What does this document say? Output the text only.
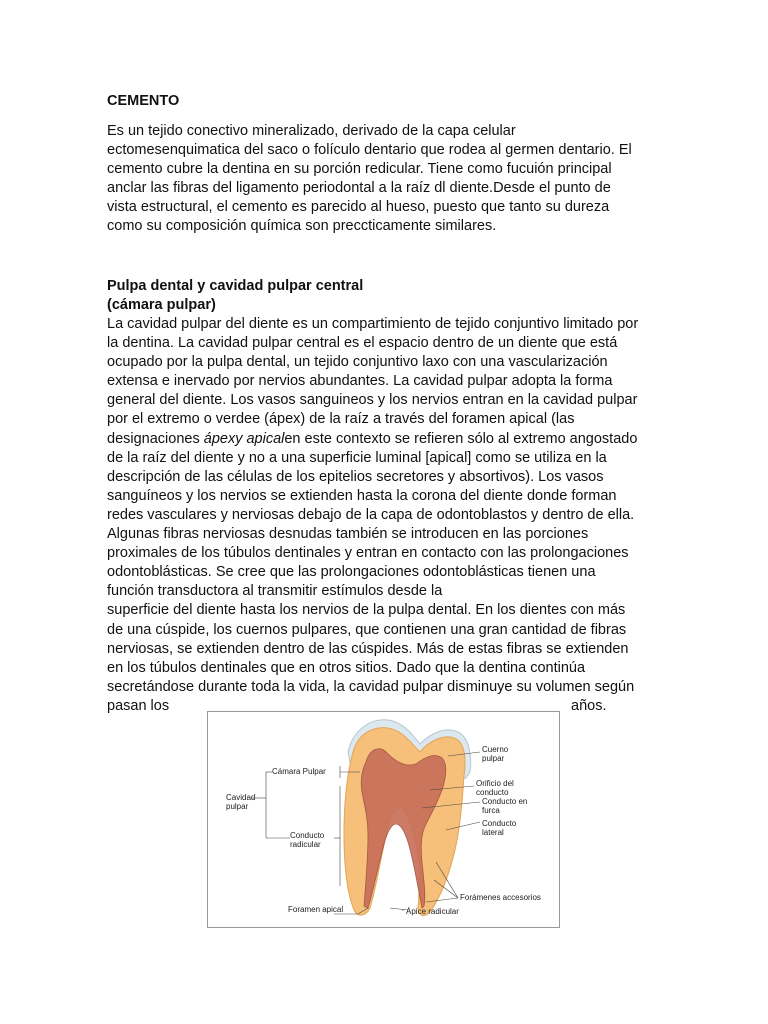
CEMENTO
Es un tejido conectivo mineralizado, derivado de la capa celular
ectomesenquimatica del saco o folículo dentario que rodea al germen dentario. El
cemento cubre la dentina en su porción redicular. Tiene como fucuión principal
anclar las fibras del ligamento periodontal a la raíz dl diente.Desde el punto de
vista estructural, el cemento es parecido al hueso, puesto que tanto su dureza
como su composición química son preccticamente similares.
Pulpa dental y cavidad pulpar central
(cámara pulpar)
La cavidad pulpar del diente es un compartimiento de tejido conjuntivo limitado por
la dentina. La cavidad pulpar central es el espacio dentro de un diente que está
ocupado por la pulpa dental, un tejido conjuntivo laxo con una vascularización
extensa e inervado por nervios abundantes. La cavidad pulpar adopta la forma
general del diente. Los vasos sanguineos y los nervios entran en la cavidad pulpar
por el extremo o verdee (ápex) de la raíz a través del foramen apical (las
designaciones ápexy apicalen este contexto se refieren sólo al extremo angostado
de la raíz del diente y no a una superficie luminal [apical] como se utiliza en la
descripción de las células de los epitelios secretores y absortivos). Los vasos
sanguíneos y los nervios se extienden hasta la corona del diente donde forman
redes vasculares y nerviosas debajo de la capa de odontoblastos y dentro de ella.
Algunas fibras nerviosas desnudas también se introducen en las porciones
proximales de los túbulos dentinales y entran en contacto con las prolongaciones
odontoblásticas. Se cree que las prolongaciones odontoblásticas tienen una
función transductora al transmitir estímulos desde la
superficie del diente hasta los nervios de la pulpa dental. En los dientes con más
de una cúspide, los cuernos pulpares, que contienen una gran cantidad de fibras
nerviosas, se extienden dentro de las cúspides. Más de estas fibras se extienden
en los túbulos dentinales que en otros sitios. Dado que la dentina continúa
secretándose durante toda la vida, la cavidad pulpar disminuye su volumen según
pasan los	años.
Cámara Pulpar
Cavidad
pulpar
Conducto
radicular
Cuerno
pulpar
Orificio del
conducto
Conducto en
furca
Conducto
lateral
Forámenes accesorios
Foramen apical	Ápice radicular
